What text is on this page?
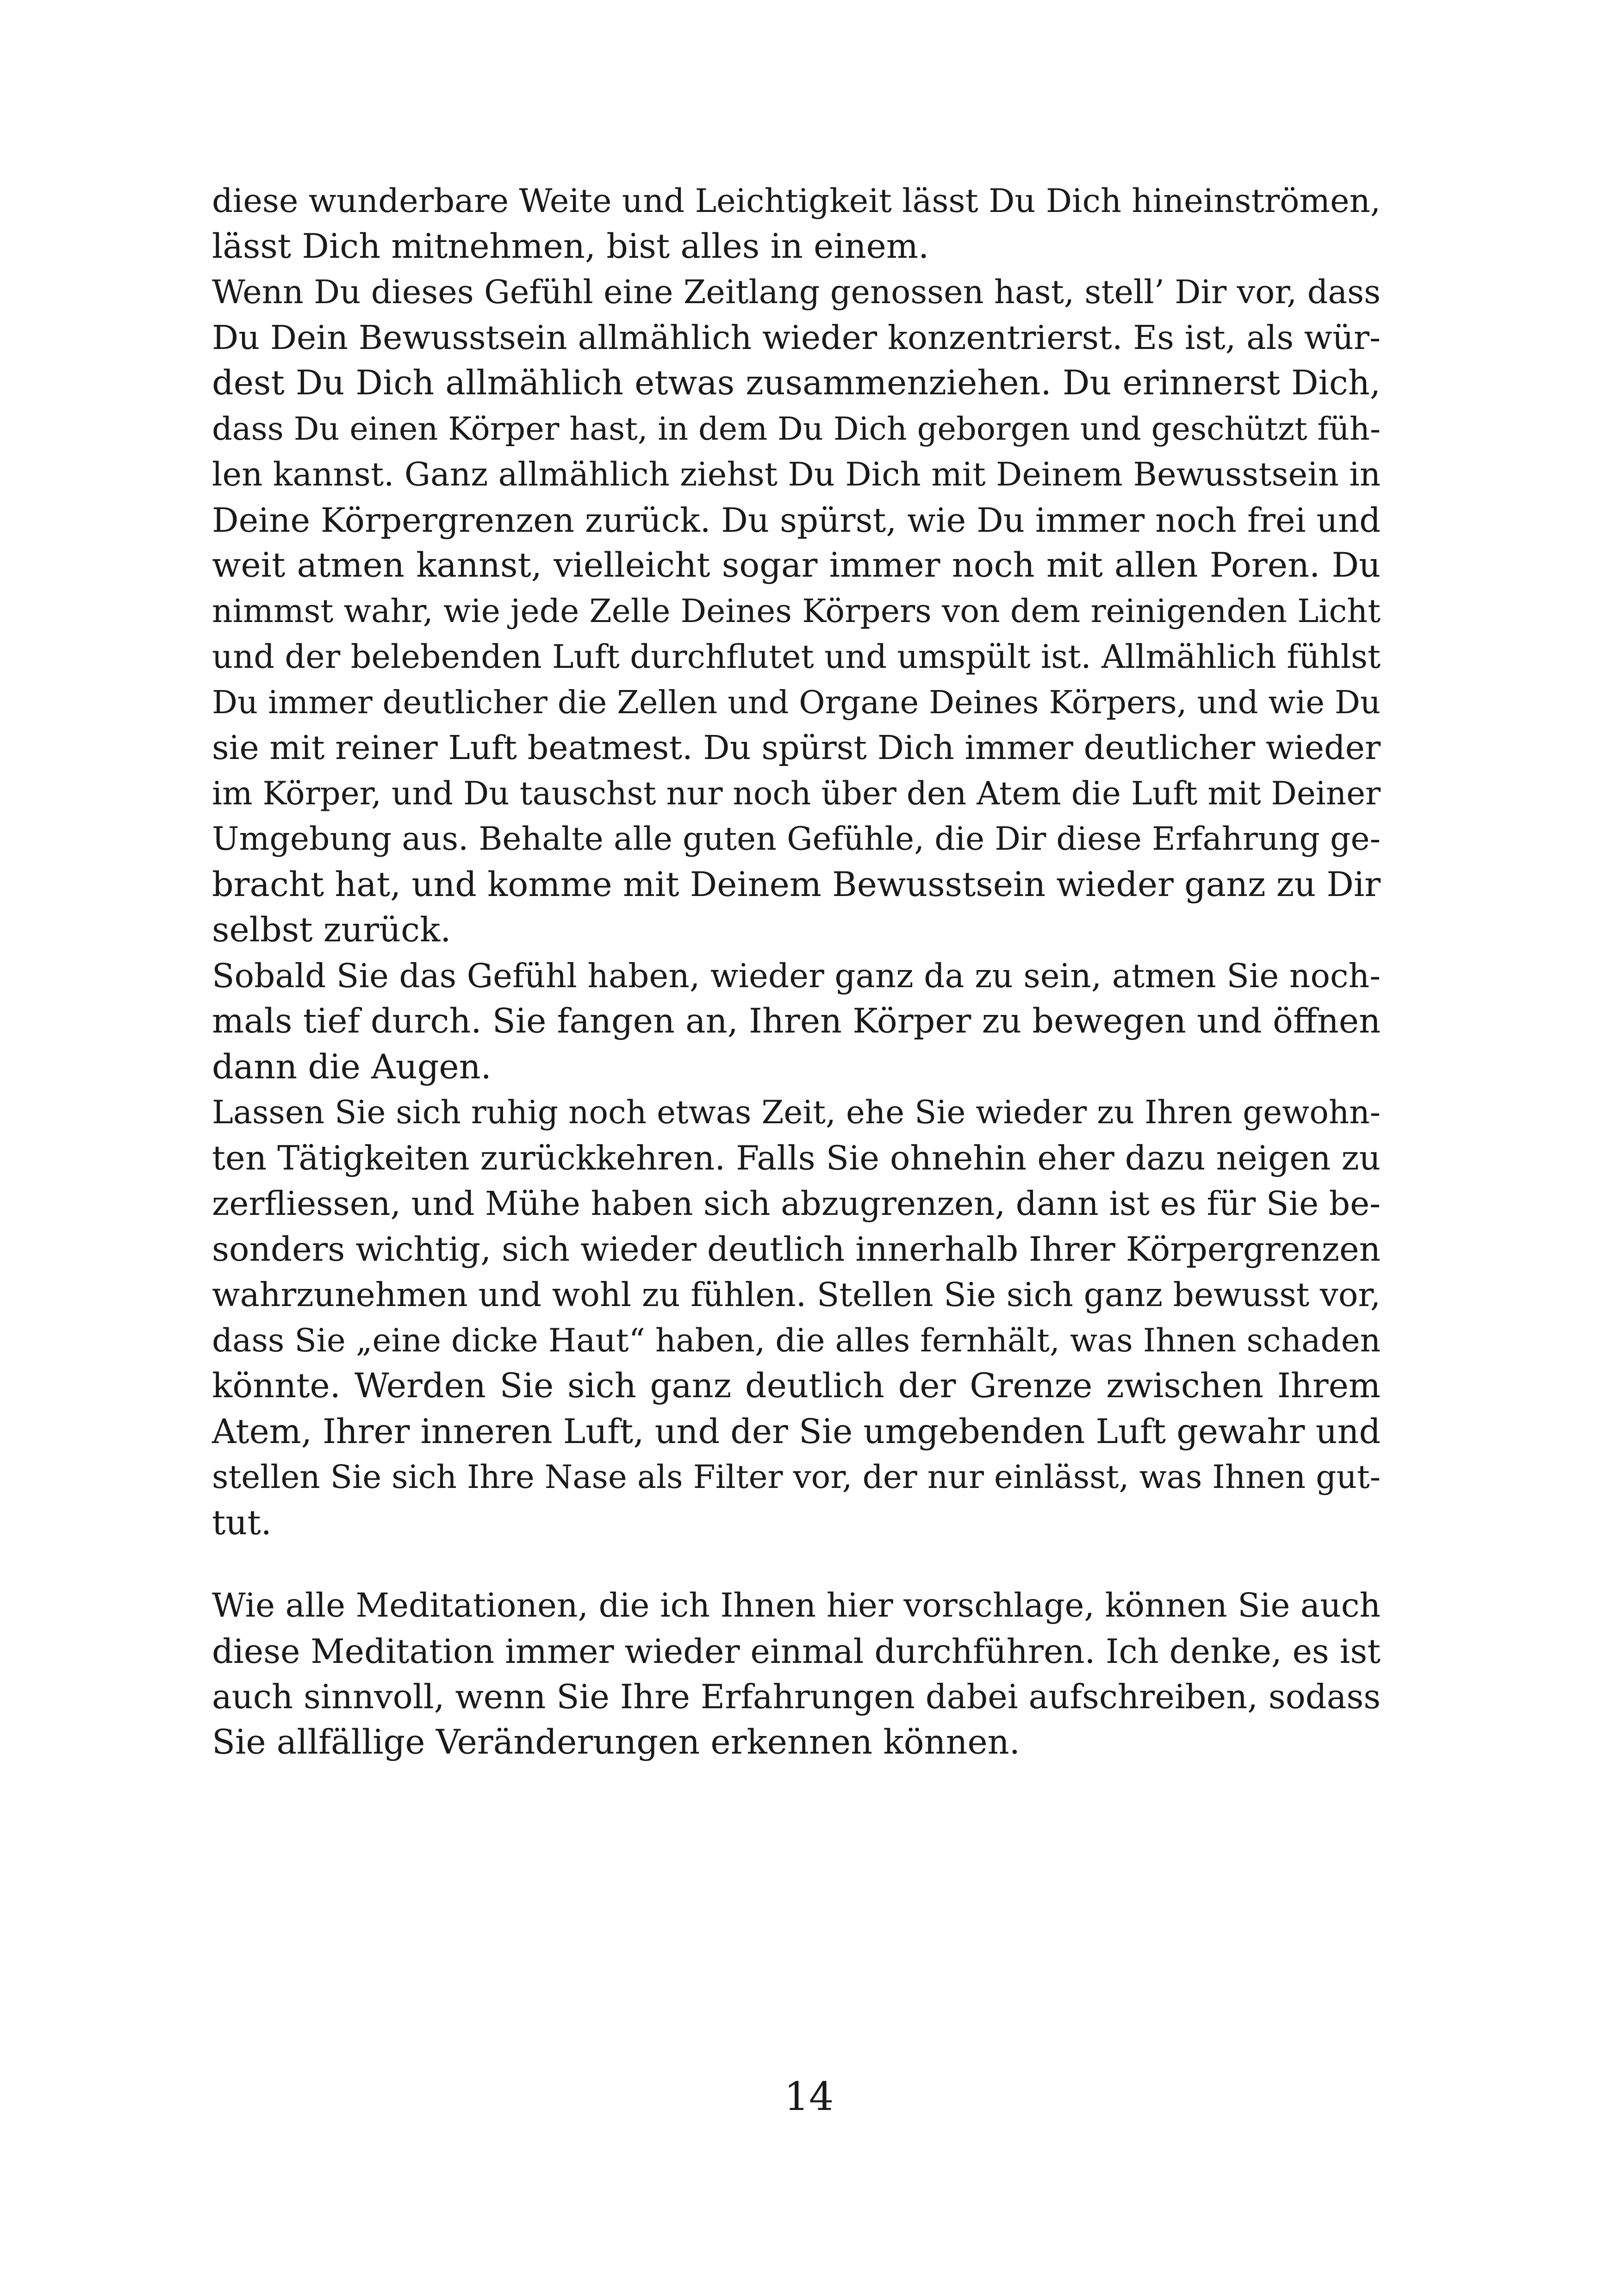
diese wunderbare Weite und Leichtigkeit lässt Du Dich hineinströmen,
lässt Dich mitnehmen, bist alles in einem.
Wenn Du dieses Gefühl eine Zeitlang genossen hast, stell’ Dir vor, dass
Du Dein Bewusstsein allmählich wieder konzentrierst. Es ist, als wür-
dest Du Dich allmählich etwas zusammenziehen. Du erinnerst Dich,
dass Du einen Körper hast, in dem Du Dich geborgen und geschützt füh-
len kannst. Ganz allmählich ziehst Du Dich mit Deinem Bewusstsein in
Deine Körpergrenzen zurück. Du spürst, wie Du immer noch frei und
weit atmen kannst, vielleicht sogar immer noch mit allen Poren. Du
nimmst wahr, wie jede Zelle Deines Körpers von dem reinigenden Licht
und der belebenden Luft durchflutet und umspült ist. Allmählich fühlst
Du immer deutlicher die Zellen und Organe Deines Körpers, und wie Du
sie mit reiner Luft beatmest. Du spürst Dich immer deutlicher wieder
im Körper, und Du tauschst nur noch über den Atem die Luft mit Deiner
Umgebung aus. Behalte alle guten Gefühle, die Dir diese Erfahrung ge-
bracht hat, und komme mit Deinem Bewusstsein wieder ganz zu Dir
selbst zurück.
Sobald Sie das Gefühl haben, wieder ganz da zu sein, atmen Sie noch-
mals tief durch. Sie fangen an, Ihren Körper zu bewegen und öffnen
dann die Augen.
Lassen Sie sich ruhig noch etwas Zeit, ehe Sie wieder zu Ihren gewohn-
ten Tätigkeiten zurückkehren. Falls Sie ohnehin eher dazu neigen zu
zerfliessen, und Mühe haben sich abzugrenzen, dann ist es für Sie be-
sonders wichtig, sich wieder deutlich innerhalb Ihrer Körpergrenzen
wahrzunehmen und wohl zu fühlen. Stellen Sie sich ganz bewusst vor,
dass Sie „eine dicke Haut“ haben, die alles fernhält, was Ihnen schaden
könnte. Werden Sie sich ganz deutlich der Grenze zwischen Ihrem
Atem, Ihrer inneren Luft, und der Sie umgebenden Luft gewahr und
stellen Sie sich Ihre Nase als Filter vor, der nur einlässt, was Ihnen gut-
tut.
Wie alle Meditationen, die ich Ihnen hier vorschlage, können Sie auch
diese Meditation immer wieder einmal durchführen. Ich denke, es ist
auch sinnvoll, wenn Sie Ihre Erfahrungen dabei aufschreiben, sodass
Sie allfällige Veränderungen erkennen können.
14
